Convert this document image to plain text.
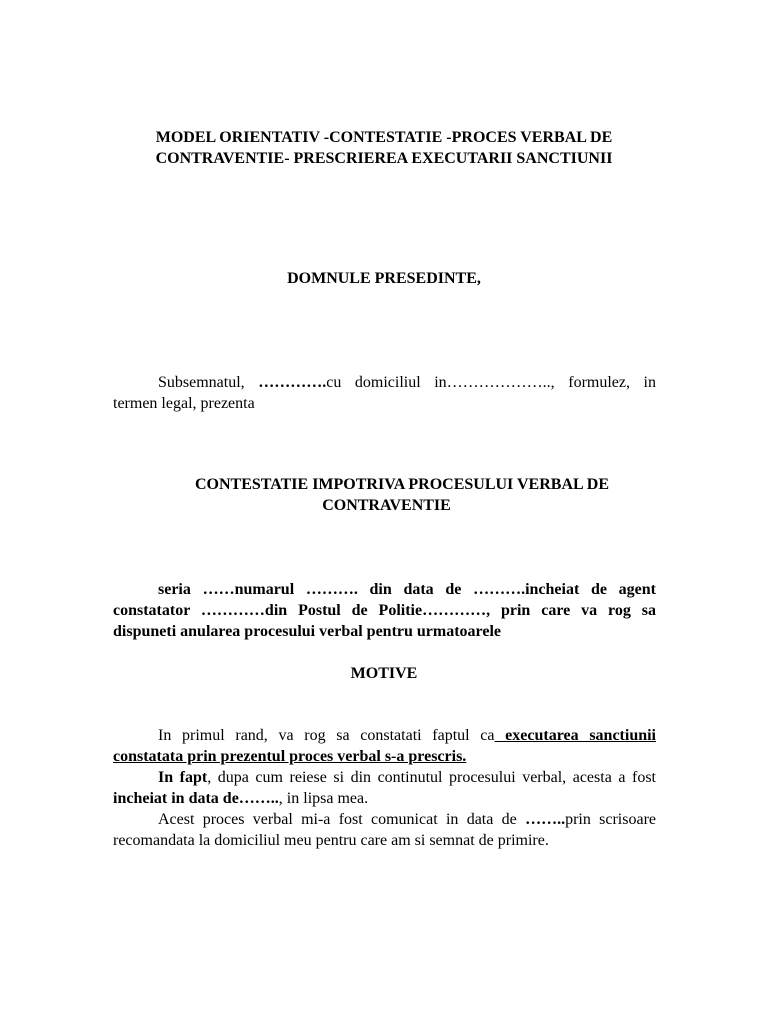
MODEL ORIENTATIV -CONTESTATIE -PROCES VERBAL DE
CONTRAVENTIE- PRESCRIEREA EXECUTARII SANCTIUNII
DOMNULE PRESEDINTE,
Subsemnatul, ………….cu domiciliul in……………….., formulez, in termen legal, prezenta
CONTESTATIE IMPOTRIVA PROCESULUI VERBAL DE
CONTRAVENTIE
seria ……numarul ………. din data de ……….incheiat de agent constatator …………din Postul de Politie…………, prin care va rog sa dispuneti anularea procesului verbal pentru urmatoarele
MOTIVE
In primul rand, va rog sa constatati faptul ca executarea sanctiunii constatata prin prezentul proces verbal s-a prescris.
In fapt, dupa cum reiese si din continutul procesului verbal, acesta a fost incheiat in data de…….., in lipsa mea.
Acest proces verbal mi-a fost comunicat in data de ……..prin scrisoare recomandata la domiciliul meu pentru care am si semnat de primire.
